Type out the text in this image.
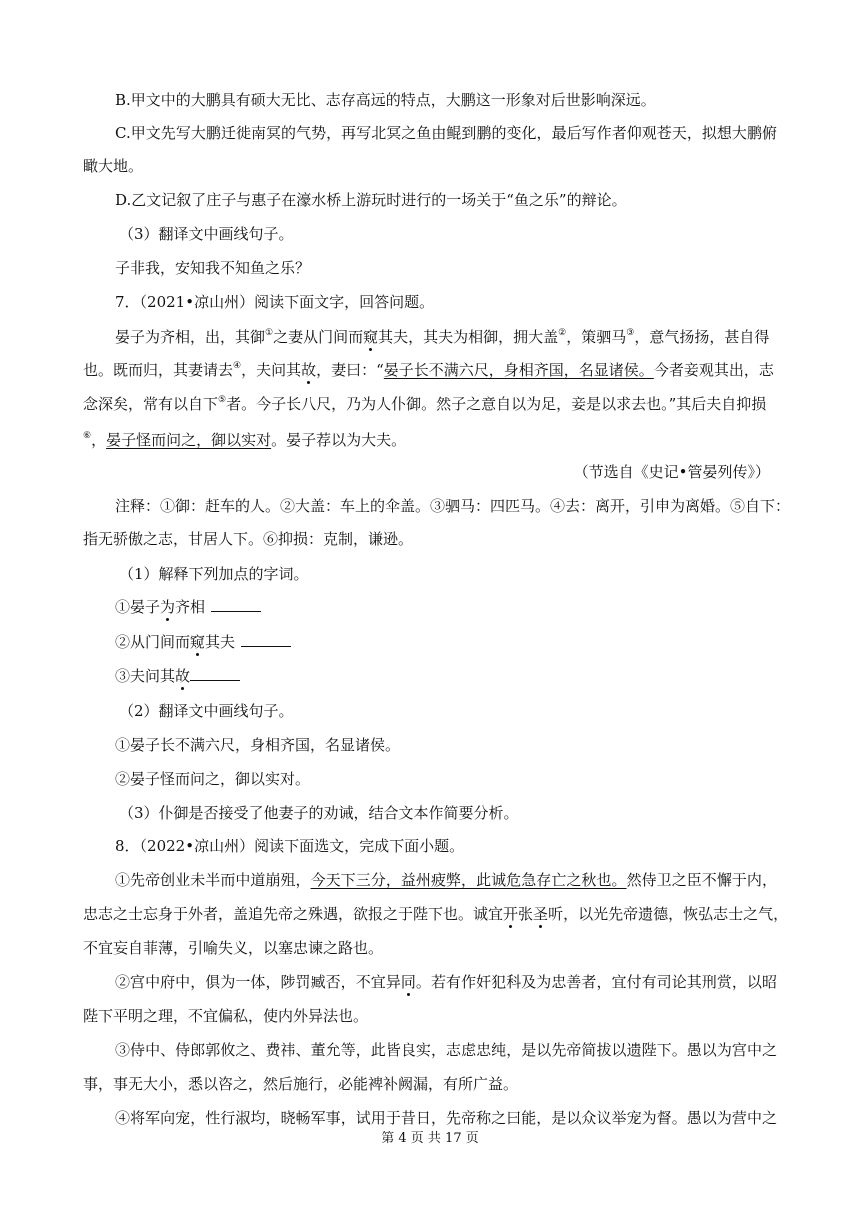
B.甲文中的大鹏具有硕大无比、志存高远的特点，大鹏这一形象对后世影响深远。
C.甲文先写大鹏迁徙南冥的气势，再写北冥之鱼由鲲到鹏的变化，最后写作者仰观苍天，拟想大鹏俯
瞰大地。
D.乙文记叙了庄子与惠子在濠水桥上游玩时进行的一场关于“鱼之乐”的辩论。
（3）翻译文中画线句子。
子非我，安知我不知鱼之乐？
7．（2021•凉山州）阅读下面文字，回答问题。
晏子为齐相，出，其御①之妻从门间而窥其夫，其夫为相御，拥大盖②，策驷马③，意气扬扬，甚自得
也。既而归，其妻请去④，夫问其故，妻曰：“晏子长不满六尺，身相齐国，名显诸侯。今者妾观其出，志
念深矣，常有以自下⑤者。今子长八尺，乃为人仆御。然子之意自以为足，妾是以求去也。”其后夫自抑损
⑥，晏子怪而问之，御以实对。晏子荐以为大夫。
（节选自《史记•管晏列传》）
注释：①御：赶车的人。②大盖：车上的伞盖。③驷马：四匹马。④去：离开，引申为离婚。⑤自下：
指无骄傲之志，甘居人下。⑥抑损：克制，谦逊。
（1）解释下列加点的字词。
①晏子为齐相
②从门间而窥其夫
③夫问其故
（2）翻译文中画线句子。
①晏子长不满六尺，身相齐国，名显诸侯。
②晏子怪而问之，御以实对。
（3）仆御是否接受了他妻子的劝诫，结合文本作简要分析。
8．（2022•凉山州）阅读下面选文，完成下面小题。
①先帝创业未半而中道崩殂，今天下三分，益州疲弊，此诚危急存亡之秋也。然侍卫之臣不懈于内，
忠志之士忘身于外者，盖追先帝之殊遇，欲报之于陛下也。诚宜开张圣听，以光先帝遗德，恢弘志士之气，
不宜妄自菲薄，引喻失义，以塞忠谏之路也。
②宫中府中，俱为一体，陟罚臧否，不宜异同。若有作奸犯科及为忠善者，宜付有司论其刑赏，以昭
陛下平明之理，不宜偏私，使内外异法也。
③侍中、侍郎郭攸之、费祎、董允等，此皆良实，志虑忠纯，是以先帝简拔以遗陛下。愚以为宫中之
事，事无大小，悉以咨之，然后施行，必能裨补阙漏，有所广益。
④将军向宠，性行淑均，晓畅军事，试用于昔日，先帝称之曰能，是以众议举宠为督。愚以为营中之
第 4 页 共 17 页
